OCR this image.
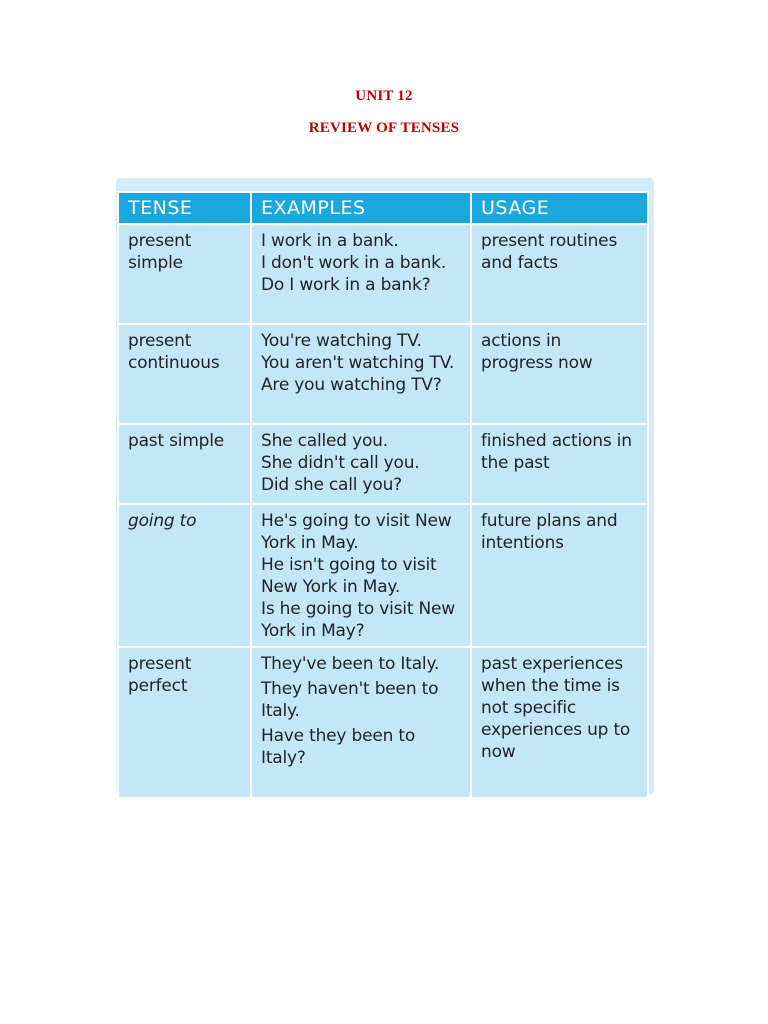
UNIT 12
REVIEW OF TENSES
TENSE	EXAMPLES	USAGE
present simple	I work in a bank.
I don't work in a bank.
Do I work in a bank?	present routines and facts

present continuous	You're watching TV.
You aren't watching TV.
Are you watching TV?	actions in progress now

past simple	She called you.
She didn't call you.
Did she call you?	finished actions in the past

going to	He's going to visit New York in May.
He isn't going to visit New York in May.
Is he going to visit New York in May?	future plans and intentions

present perfect	They've been to Italy.
They haven't been to Italy.
Have they been to Italy?	past experiences when the time is not specific experiences up to now
